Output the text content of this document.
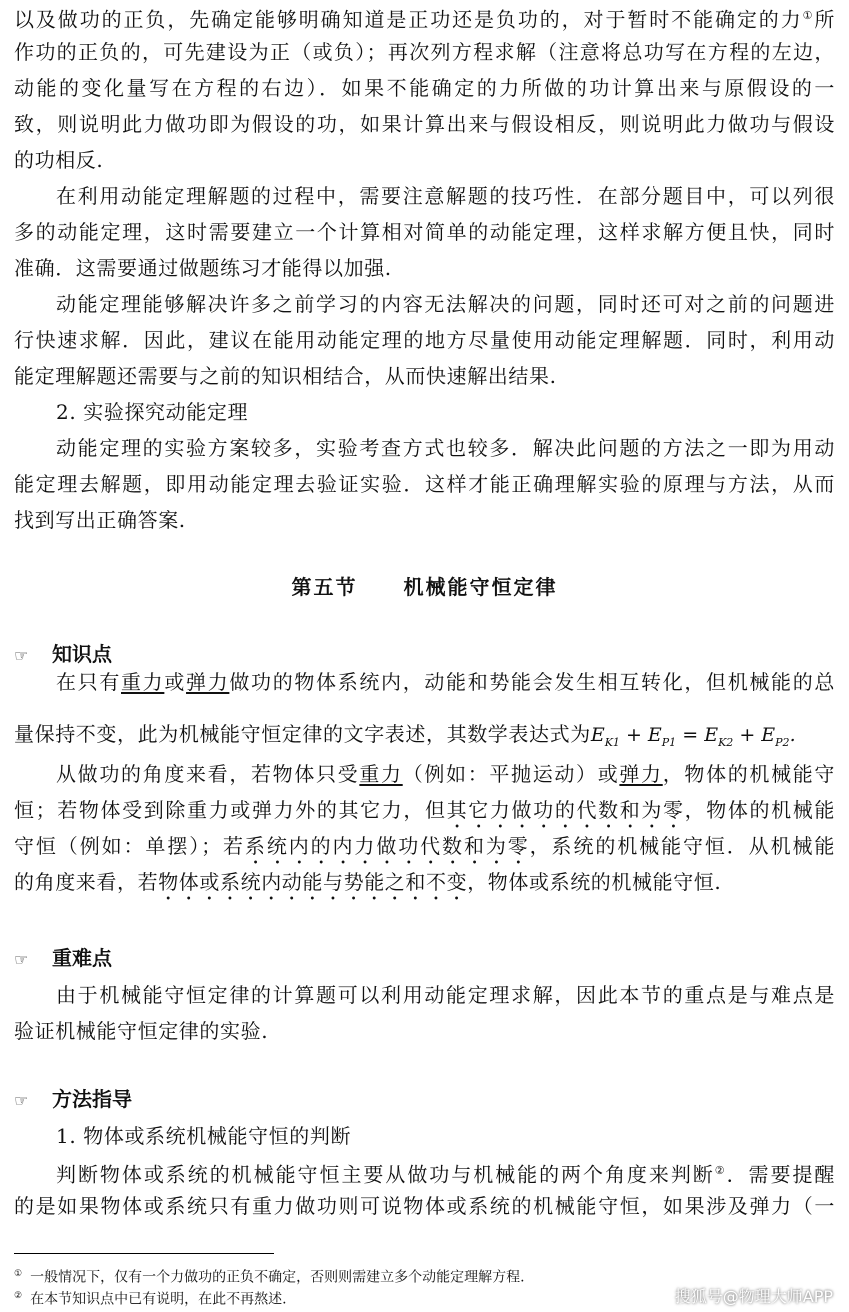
以及做功的正负，先确定能够明确知道是正功还是负功的，对于暂时不能确定的力①所
作功的正负的，可先建设为正（或负）；再次列方程求解（注意将总功写在方程的左边，
动能的变化量写在方程的右边）．如果不能确定的力所做的功计算出来与原假设的一
致，则说明此力做功即为假设的功，如果计算出来与假设相反，则说明此力做功与假设
的功相反.
在利用动能定理解题的过程中，需要注意解题的技巧性．在部分题目中，可以列很
多的动能定理，这时需要建立一个计算相对简单的动能定理，这样求解方便且快，同时
准确．这需要通过做题练习才能得以加强.
动能定理能够解决许多之前学习的内容无法解决的问题，同时还可对之前的问题进
行快速求解．因此，建议在能用动能定理的地方尽量使用动能定理解题．同时，利用动
能定理解题还需要与之前的知识相结合，从而快速解出结果.
2. 实验探究动能定理
动能定理的实验方案较多，实验考查方式也较多．解决此问题的方法之一即为用动
能定理去解题，即用动能定理去验证实验．这样才能正确理解实验的原理与方法，从而
找到写出正确答案.
第五节 机械能守恒定律
☞ 知识点
在只有重力或弹力做功的物体系统内，动能和势能会发生相互转化，但机械能的总
量保持不变，此为机械能守恒定律的文字表述，其数学表达式为$E_{K1} + E_{P1} = E_{K2} + E_{P2}$.
从做功的角度来看，若物体只受重力（例如：平抛运动）或弹力，物体的机械能守
恒；若物体受到除重力或弹力外的其它力，但其它力做功的代数和为零，物体的机械能
守恒（例如：单摆）；若系统内的内力做功代数和为零，系统的机械能守恒．从机械能
的角度来看，若物体或系统内动能与势能之和不变，物体或系统的机械能守恒.
☞ 重难点
由于机械能守恒定律的计算题可以利用动能定理求解，因此本节的重点是与难点是
验证机械能守恒定律的实验.
☞ 方法指导
1. 物体或系统机械能守恒的判断
判断物体或系统的机械能守恒主要从做功与机械能的两个角度来判断②．需要提醒
的是如果物体或系统只有重力做功则可说物体或系统的机械能守恒，如果涉及弹力（一
① 一般情况下，仅有一个力做功的正负不确定，否则则需建立多个动能定理解方程.
② 在本节知识点中已有说明，在此不再熬述.	搜狐号@物理大师APP
